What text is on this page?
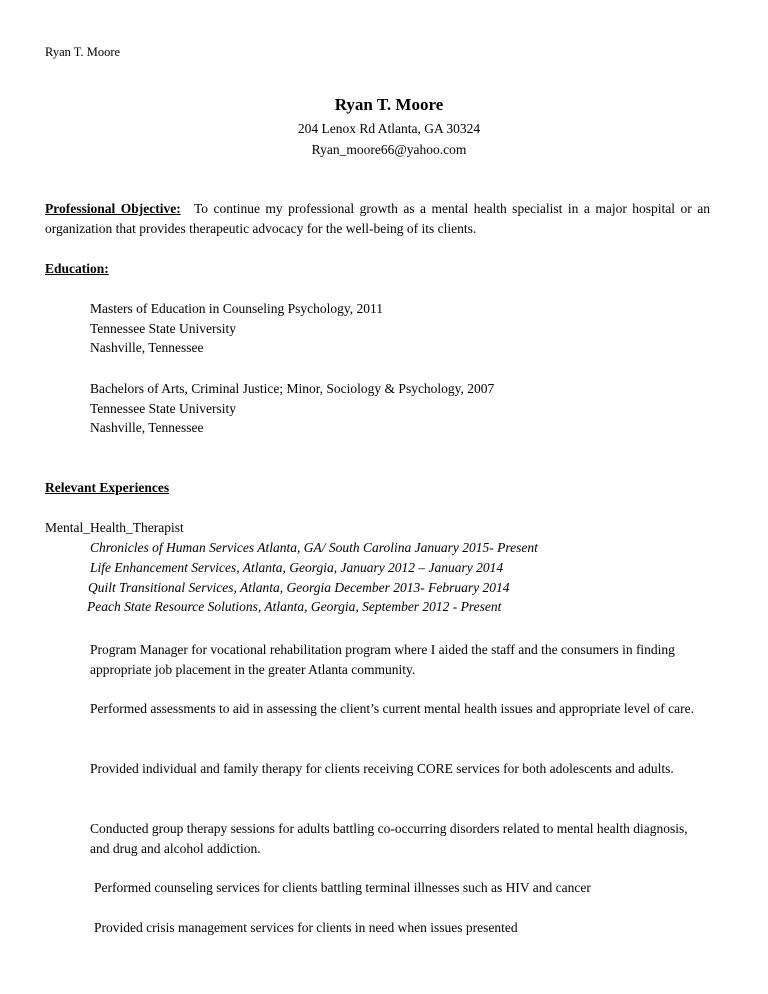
Ryan T. Moore
Ryan T. Moore
204 Lenox Rd Atlanta, GA 30324
Ryan_moore66@yahoo.com
Professional Objective: To continue my professional growth as a mental health specialist in a major hospital or an organization that provides therapeutic advocacy for the well-being of its clients.
Education:
Masters of Education in Counseling Psychology, 2011
Tennessee State University
Nashville, Tennessee
Bachelors of Arts, Criminal Justice; Minor, Sociology & Psychology, 2007
Tennessee State University
Nashville, Tennessee
Relevant Experiences
Mental_Health_Therapist
Chronicles of Human Services Atlanta, GA/ South Carolina January 2015- Present
Life Enhancement Services, Atlanta, Georgia, January 2012 – January 2014
Quilt Transitional Services, Atlanta, Georgia December 2013- February 2014
Peach State Resource Solutions, Atlanta, Georgia, September 2012 - Present
Program Manager for vocational rehabilitation program where I aided the staff and the consumers in finding appropriate job placement in the greater Atlanta community.
Performed assessments to aid in assessing the client’s current mental health issues and appropriate level of care.
Provided individual and family therapy for clients receiving CORE services for both adolescents and adults.
Conducted group therapy sessions for adults battling co-occurring disorders related to mental health diagnosis, and drug and alcohol addiction.
Performed counseling services for clients battling terminal illnesses such as HIV and cancer
Provided crisis management services for clients in need when issues presented
